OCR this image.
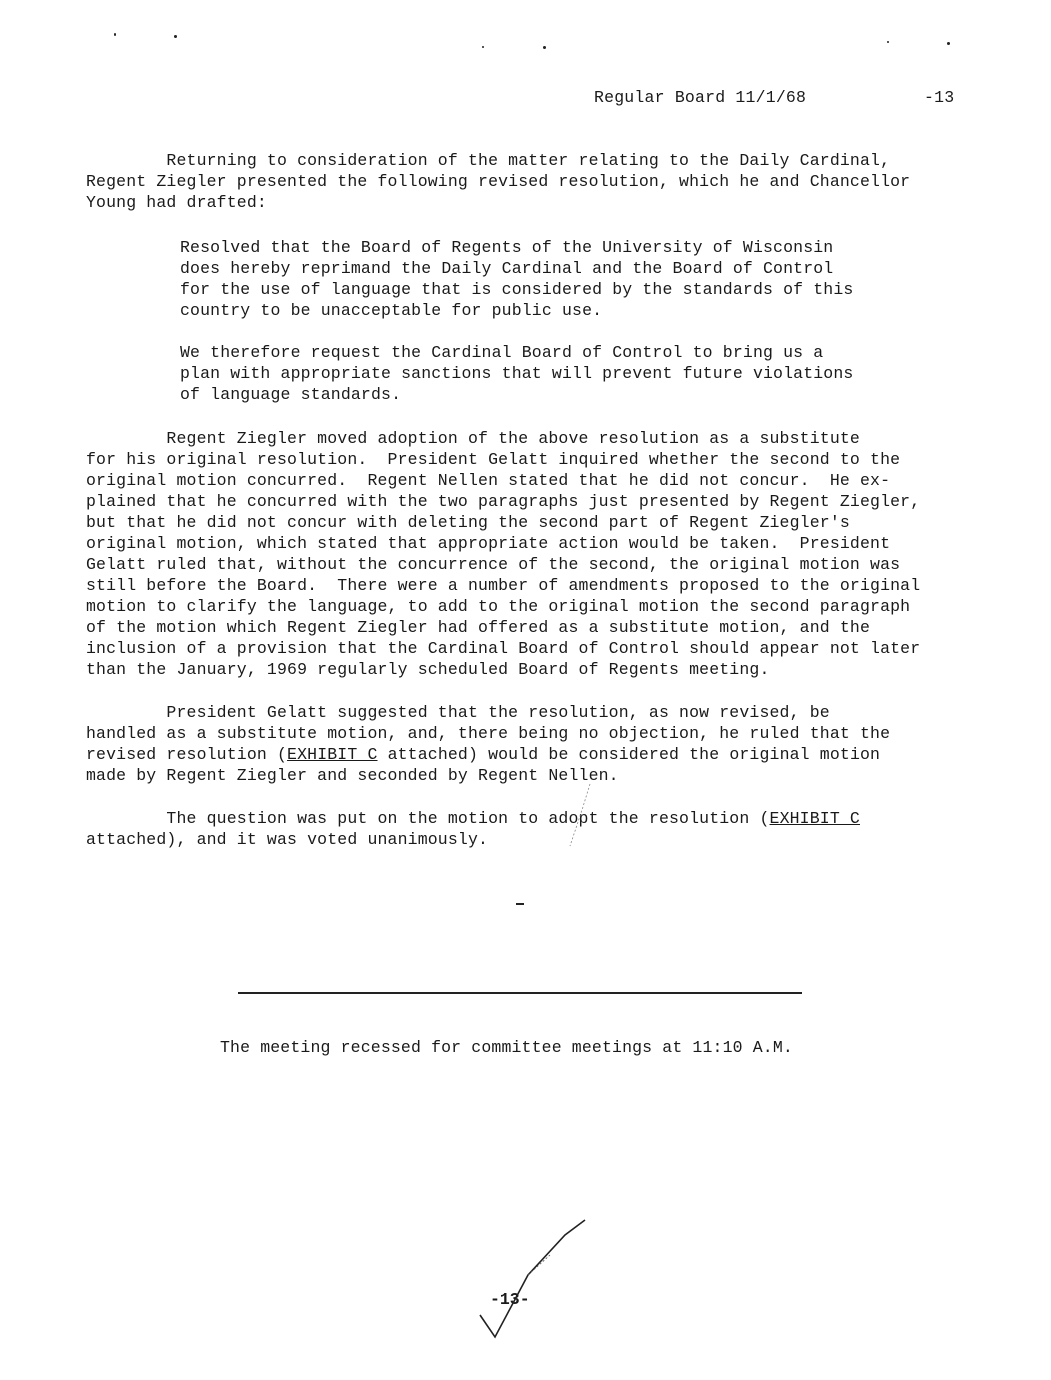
Regular Board 11/1/68	-13
Returning to consideration of the matter relating to the Daily Cardinal,
Regent Ziegler presented the following revised resolution, which he and Chancellor
Young had drafted:
Resolved that the Board of Regents of the University of Wisconsin
does hereby reprimand the Daily Cardinal and the Board of Control
for the use of language that is considered by the standards of this
country to be unacceptable for public use.
We therefore request the Cardinal Board of Control to bring us a
plan with appropriate sanctions that will prevent future violations
of language standards.
Regent Ziegler moved adoption of the above resolution as a substitute
for his original resolution.  President Gelatt inquired whether the second to the
original motion concurred.  Regent Nellen stated that he did not concur.  He ex-
plained that he concurred with the two paragraphs just presented by Regent Ziegler,
but that he did not concur with deleting the second part of Regent Ziegler's
original motion, which stated that appropriate action would be taken.  President
Gelatt ruled that, without the concurrence of the second, the original motion was
still before the Board.  There were a number of amendments proposed to the original
motion to clarify the language, to add to the original motion the second paragraph
of the motion which Regent Ziegler had offered as a substitute motion, and the
inclusion of a provision that the Cardinal Board of Control should appear not later
than the January, 1969 regularly scheduled Board of Regents meeting.
President Gelatt suggested that the resolution, as now revised, be
handled as a substitute motion, and, there being no objection, he ruled that the
revised resolution (EXHIBIT C attached) would be considered the original motion
made by Regent Ziegler and seconded by Regent Nellen.
The question was put on the motion to adopt the resolution (EXHIBIT C
attached), and it was voted unanimously.
The meeting recessed for committee meetings at 11:10 A.M.
-13-
